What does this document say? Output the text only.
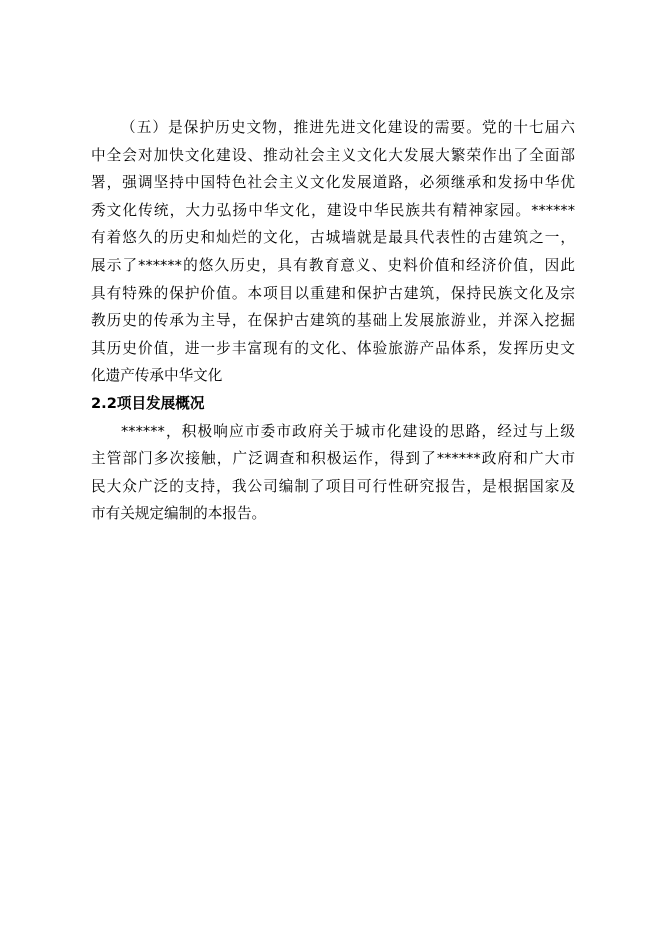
（五）是保护历史文物，推进先进文化建设的需要。党的十七届六
中全会对加快文化建设、推动社会主义文化大发展大繁荣作出了全面部
署，强调坚持中国特色社会主义文化发展道路，必须继承和发扬中华优
秀文化传统，大力弘扬中华文化，建设中华民族共有精神家园。******
有着悠久的历史和灿烂的文化，古城墙就是最具代表性的古建筑之一，
展示了******的悠久历史，具有教育意义、史料价值和经济价值，因此
具有特殊的保护价值。本项目以重建和保护古建筑，保持民族文化及宗
教历史的传承为主导，在保护古建筑的基础上发展旅游业，并深入挖掘
其历史价值，进一步丰富现有的文化、体验旅游产品体系，发挥历史文
化遗产传承中华文化
2.2项目发展概况
******，积极响应市委市政府关于城市化建设的思路，经过与上级
主管部门多次接触，广泛调查和积极运作，得到了******政府和广大市
民大众广泛的支持，我公司编制了项目可行性研究报告，是根据国家及
市有关规定编制的本报告。
